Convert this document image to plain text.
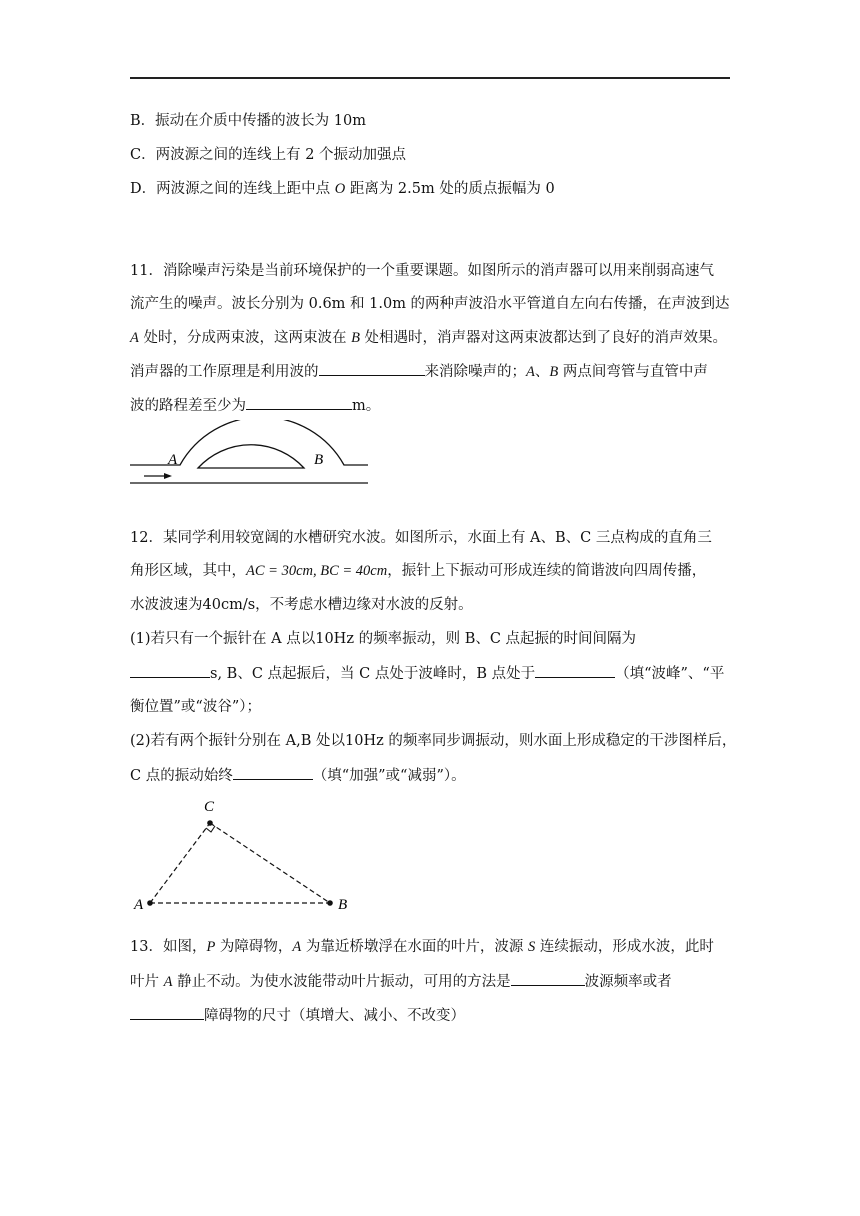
B．振动在介质中传播的波长为 10m
C．两波源之间的连线上有 2 个振动加强点
D．两波源之间的连线上距中点 O 距离为 2.5m 处的质点振幅为 0
11．消除噪声污染是当前环境保护的一个重要课题。如图所示的消声器可以用来削弱高速气
流产生的噪声。波长分别为 0.6m 和 1.0m 的两种声波沿水平管道自左向右传播，在声波到达
A 处时，分成两束波，这两束波在 B 处相遇时，消声器对这两束波都达到了良好的消声效果。
消声器的工作原理是利用波的	来消除噪声的；A、B 两点间弯管与直管中声
波的路程差至少为	m。
A	B
12．某同学利用较宽阔的水槽研究水波。如图所示，水面上有 A、B、C 三点构成的直角三
角形区域，其中，AC = 30cm, BC = 40cm，振针上下振动可形成连续的简谐波向四周传播，
水波波速为40cm/s，不考虑水槽边缘对水波的反射。
(1)若只有一个振针在 A 点以10Hz 的频率振动，则 B、C 点起振的时间间隔为
s, B、C 点起振后，当 C 点处于波峰时，B 点处于	（填“波峰”、“平
衡位置”或“波谷”）；
(2)若有两个振针分别在 A,B 处以10Hz 的频率同步调振动，则水面上形成稳定的干涉图样后，
C 点的振动始终	（填“加强”或“减弱”）。
A	B
C
13．如图，P 为障碍物，A 为靠近桥墩浮在水面的叶片，波源 S 连续振动，形成水波，此时
叶片 A 静止不动。为使水波能带动叶片振动，可用的方法是	波源频率或者
障碍物的尺寸（填增大、减小、不改变）
